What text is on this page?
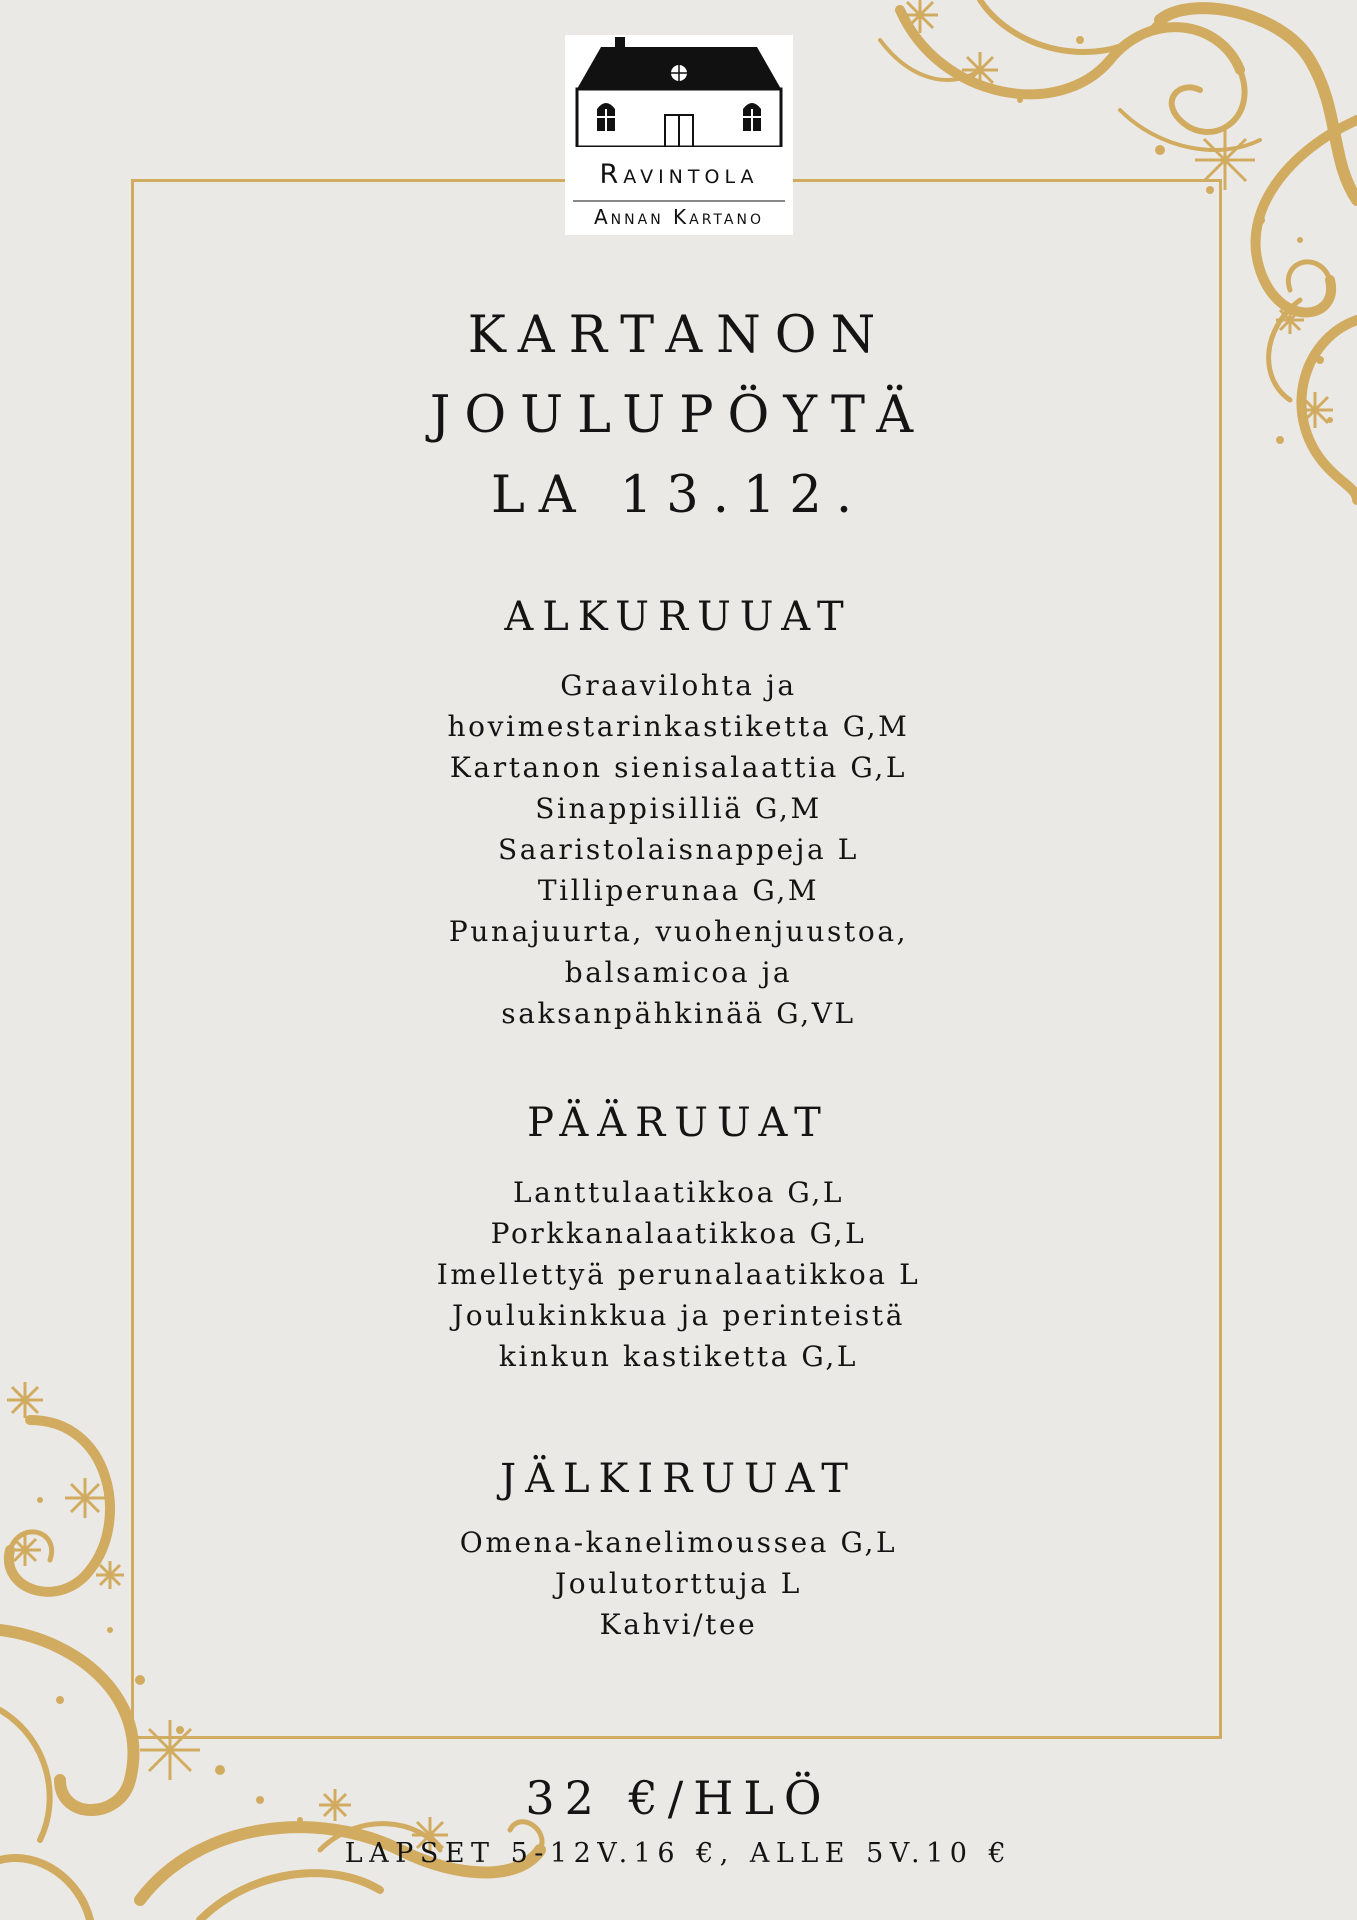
Ravintola
Annan Kartano
KARTANON
JOULUPÖYTÄ
LA 13.12.
ALKURUUAT
Graavilohta ja
hovimestarinkastiketta G,M
Kartanon sienisalaattia G,L
Sinappisilliä G,M
Saaristolaisnappeja L
Tilliperunaa G,M
Punajuurta, vuohenjuustoa,
balsamicoa ja
saksanpähkinää G,VL
PÄÄRUUAT
Lanttulaatikkoa G,L
Porkkanalaatikkoa G,L
Imellettyä perunalaatikkoa L
Joulukinkkua ja perinteistä
kinkun kastiketta G,L
JÄLKIRUUAT
Omena-kanelimoussea G,L
Joulutorttuja L
Kahvi/tee
32 €/HLÖ
LAPSET 5-12V.16 €, ALLE 5V.10 €
